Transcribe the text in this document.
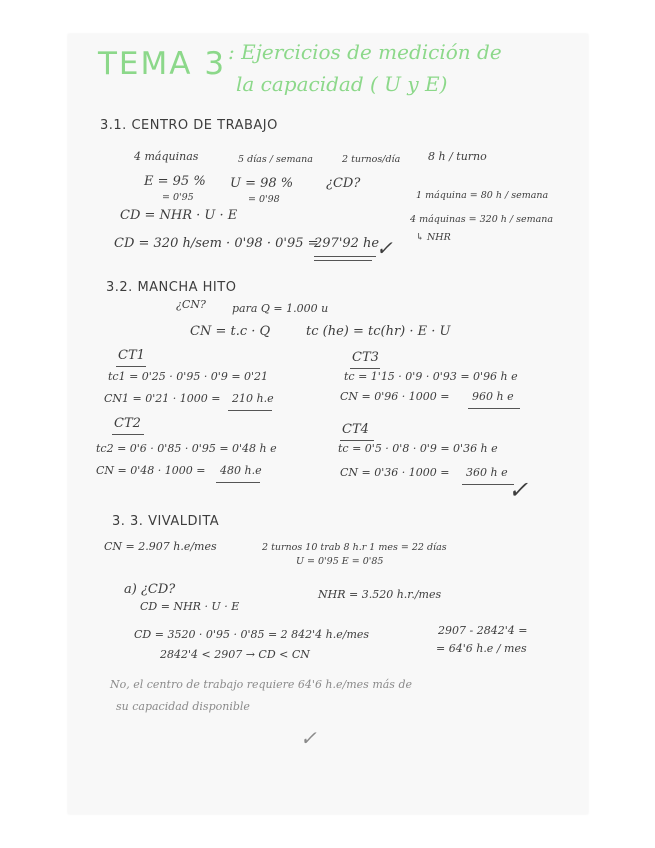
TEMA 3 : Ejercicios de medición de
la capacidad ( U y E)
3.1. CENTRO DE TRABAJO
4 máquinas	5 días / semana	2 turnos/día	8 h / turno
E = 95 %
= 0'95
U = 98 %
= 0'98
¿CD?
1 máquina = 80 h / semana
4 máquinas = 320 h / semana
↳ NHR
CD = NHR · U · E
CD = 320 h/sem · 0'98 · 0'95 =
297'92 he
✓
3.2. MANCHA HITO
¿CN? para Q = 1.000 u
CN = t.c · Q	tc (he) = tc(hr) · E · U
CT1
tc1 = 0'25 · 0'95 · 0'9 = 0'21
CN1 = 0'21 · 1000 = 210 h.e
CT3
tc = 1'15 · 0'9 · 0'93 = 0'96 h e
CN = 0'96 · 1000 = 960 h e
CT2
tc2 = 0'6 · 0'85 · 0'95 = 0'48 h e
CN = 0'48 · 1000 = 480 h.e
CT4
tc = 0'5 · 0'8 · 0'9 = 0'36 h e
CN = 0'36 · 1000 = 360 h e
✓
3. 3. VIVALDITA
CN = 2.907 h.e/mes	2 turnos 10 trab 8 h.r 1 mes = 22 días
U = 0'95 E = 0'85
a) ¿CD?	NHR = 3.520 h.r./mes
CD = NHR · U · E
CD = 3520 · 0'95 · 0'85 = 2 842'4 h.e/mes
2842'4 < 2907 → CD < CN
2907 - 2842'4 =
= 64'6 h.e / mes
No, el centro de trabajo requiere 64'6 h.e/mes más de
su capacidad disponible
✓
